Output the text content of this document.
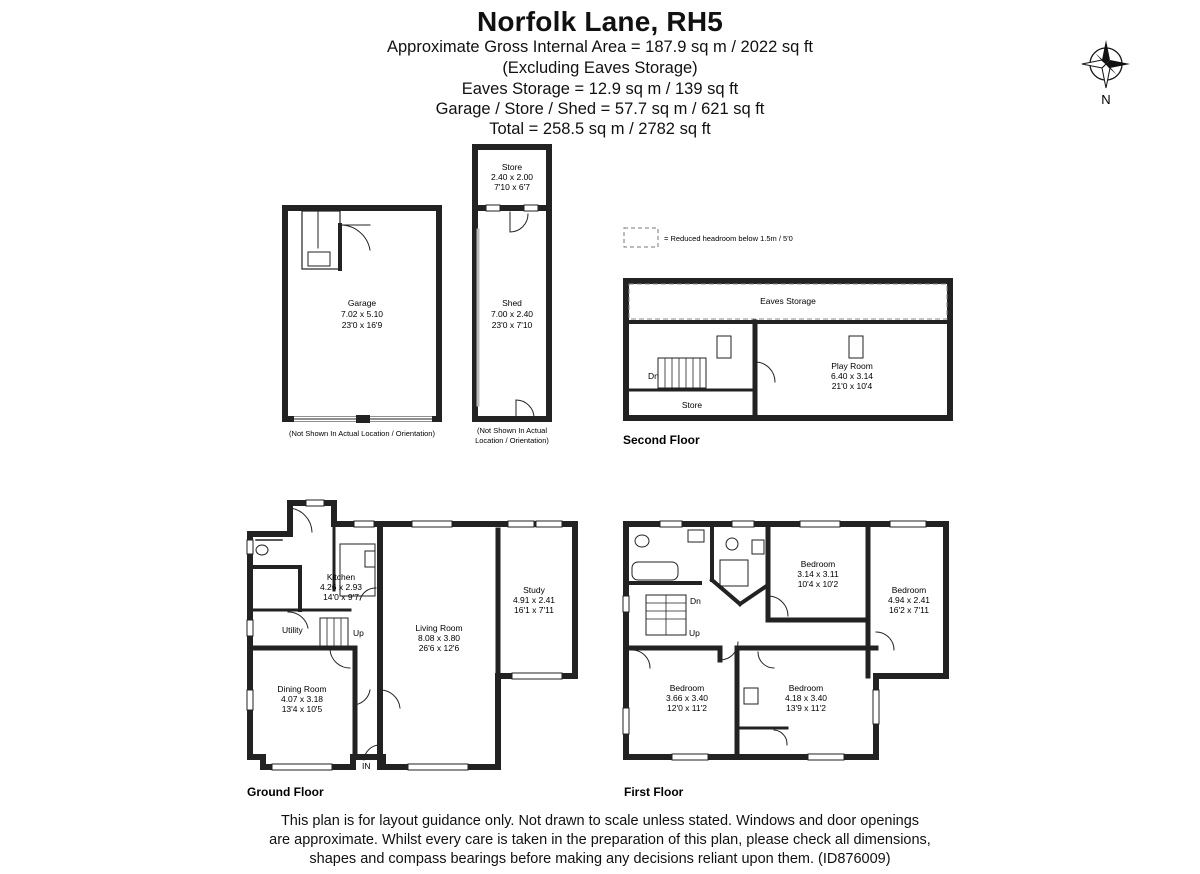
Norfolk Lane, RH5
Approximate Gross Internal Area = 187.9 sq m / 2022 sq ft
(Excluding Eaves Storage)
Eaves Storage = 12.9 sq m / 139 sq ft
Garage / Store / Shed = 57.7 sq m / 621 sq ft
Total = 258.5 sq m / 2782 sq ft
N
= Reduced headroom below 1.5m / 5'0
Garage
7.02 x 5.10
23'0 x 16'9
(Not Shown In Actual Location / Orientation)
Store
2.40 x 2.00
7'10 x 6'7
Shed
7.00 x 2.40
23'0 x 7'10
(Not Shown In Actual
Location / Orientation)
Eaves Storage
Play Room
6.40 x 3.14
21'0 x 10'4
Store
Dn
Second Floor
Kitchen
4.26 x 2.93
14'0 x 9'7
Living Room
8.08 x 3.80
26'6 x 12'6
Study
4.91 x 2.41
16'1 x 7'11
Dining Room
4.07 x 3.18
13'4 x 10'5
Utility	Up
IN
Ground Floor
Bedroom
3.14 x 3.11
10'4 x 10'2
Bedroom
4.94 x 2.41
16'2 x 7'11
Bedroom
3.66 x 3.40
12'0 x 11'2
Bedroom
4.18 x 3.40
13'9 x 11'2
Dn
Up
First Floor
This plan is for layout guidance only. Not drawn to scale unless stated. Windows and door openings
are approximate. Whilst every care is taken in the preparation of this plan, please check all dimensions,
shapes and compass bearings before making any decisions reliant upon them. (ID876009)
